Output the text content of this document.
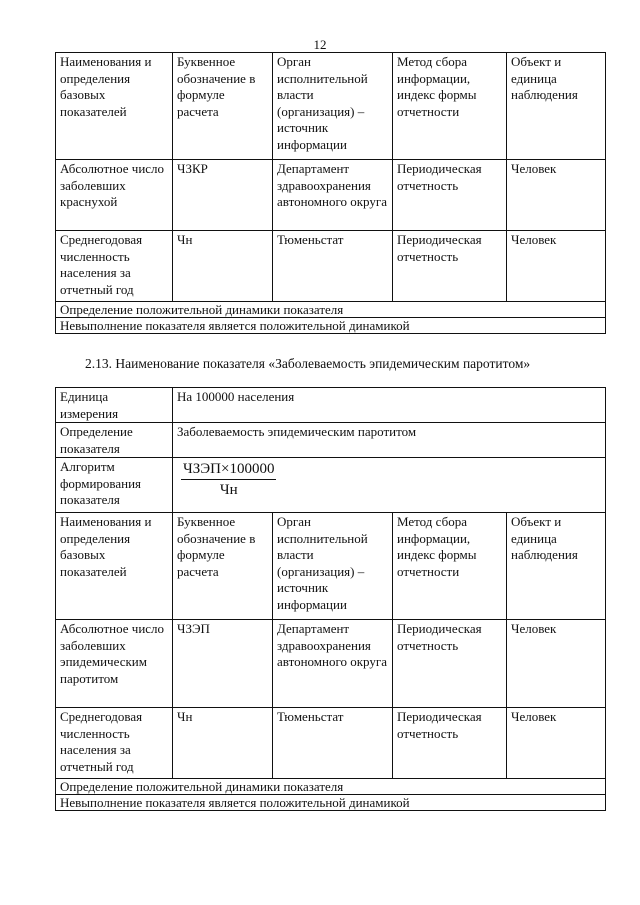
12
Наименования и определения базовых показателей	Буквенное обозначение в формуле расчета	Орган исполнительной власти (организация) – источник информации	Метод сбора информации, индекс формы отчетности	Объект и единица наблюдения
Абсолютное число заболевших краснухой	ЧЗКР	Департамент здравоохранения автономного округа	Периодическая отчетность	Человек
Среднегодовая численность населения за отчетный год	Чн	Тюменьстат	Периодическая отчетность	Человек
Определение положительной динамики показателя				
Невыполнение показателя является положительной динамикой				
2.13. Наименование показателя «Заболеваемость эпидемическим паротитом»
Единица измерения	На 100000 населения			
Определение показателя	Заболеваемость эпидемическим паротитом			
Алгоритм формирования показателя	$\frac{\text{ЧЗЭП×100000}}{Чн}$

Наименования и определения базовых показателей	Буквенное обозначение в формуле расчета	Орган исполнительной власти (организация) – источник информации	Метод сбора информации, индекс формы отчетности	Объект и единица наблюдения
Абсолютное число заболевших эпидемическим паротитом	ЧЗЭП	Департамент здравоохранения автономного округа	Периодическая отчетность	Человек
Среднегодовая численность населения за отчетный год	Чн	Тюменьстат	Периодическая отчетность	Человек
Определение положительной динамики показателя				
Невыполнение показателя является положительной динамикой				
